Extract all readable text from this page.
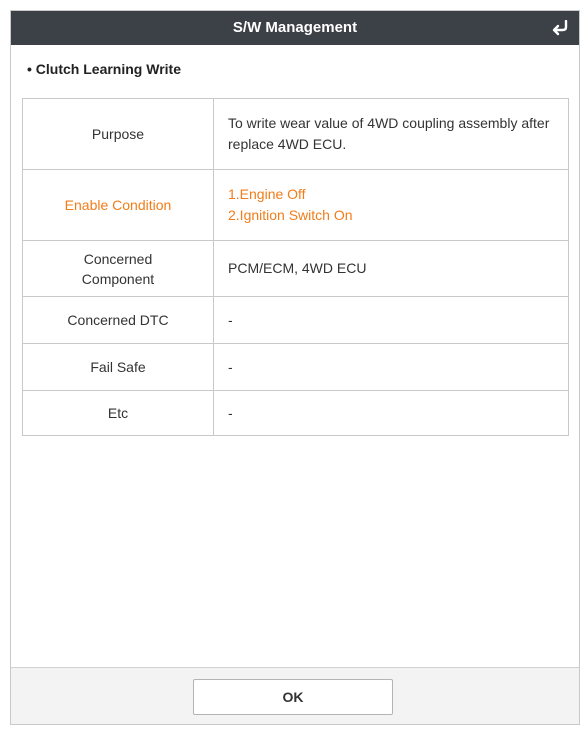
S/W Management
• Clutch Learning Write
Purpose	To write wear value of 4WD coupling assembly after
replace 4WD ECU.

Enable Condition	1.Engine Off
2.Ignition Switch On

Concerned
Component	PCM/ECM, 4WD ECU

Concerned DTC	-

Fail Safe	-

Etc	-
OK
